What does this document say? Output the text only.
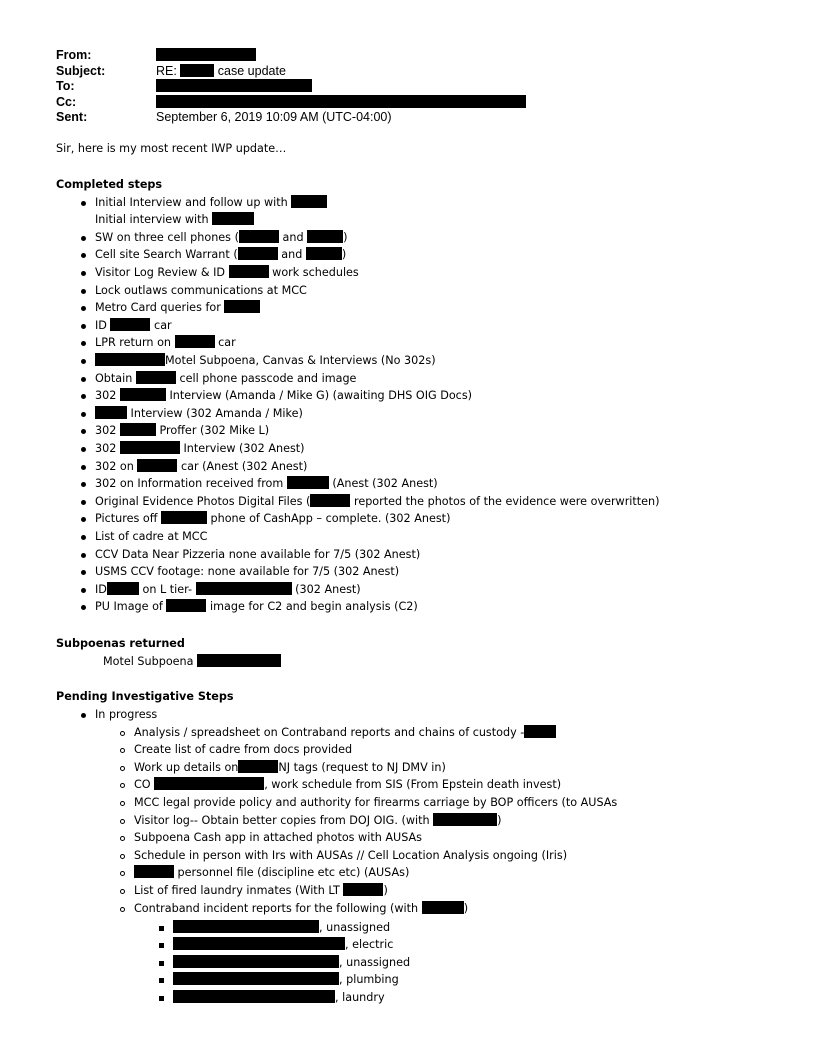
From:
Subject:	RE:	case update
To:
Cc:
Sent:	September 6, 2019 10:09 AM (UTC-04:00)
Sir, here is my most recent IWP update…
Completed steps
Initial Interview and follow up with
Initial interview with
SW on three cell phones (	and	)
Cell site Search Warrant (	and	)
Visitor Log Review & ID	work schedules
Lock outlaws communications at MCC
Metro Card queries for
ID	car
LPR return on	car
Motel Subpoena, Canvas & Interviews (No 302s)
Obtain	cell phone passcode and image
302	Interview (Amanda / Mike G) (awaiting DHS OIG Docs)
Interview (302 Amanda / Mike)
302	Proffer (302 Mike L)
302	Interview (302 Anest)
302 on	car (Anest (302 Anest)
302 on Information received from	(Anest (302 Anest)
Original Evidence Photos Digital Files (	reported the photos of the evidence were overwritten)
Pictures off	phone of CashApp – complete. (302 Anest)
List of cadre at MCC
CCV Data Near Pizzeria none available for 7/5 (302 Anest)
USMS CCV footage: none available for 7/5 (302 Anest)
ID	on L tier-	(302 Anest)
PU Image of	image for C2 and begin analysis (C2)
Subpoenas returned
Motel Subpoena
Pending Investigative Steps
In progress
Analysis / spreadsheet on Contraband reports and chains of custody -
Create list of cadre from docs provided
Work up details on	NJ tags (request to NJ DMV in)
CO	, work schedule from SIS (From Epstein death invest)
MCC legal provide policy and authority for firearms carriage by BOP officers (to AUSAs
Visitor log-- Obtain better copies from DOJ OIG. (with	)
Subpoena Cash app in attached photos with AUSAs
Schedule in person with Irs with AUSAs // Cell Location Analysis ongoing (Iris)
personnel file (discipline etc etc) (AUSAs)
List of fired laundry inmates (With LT	)
Contraband incident reports for the following (with	)
, unassigned
, electric
, unassigned
, plumbing
, laundry
